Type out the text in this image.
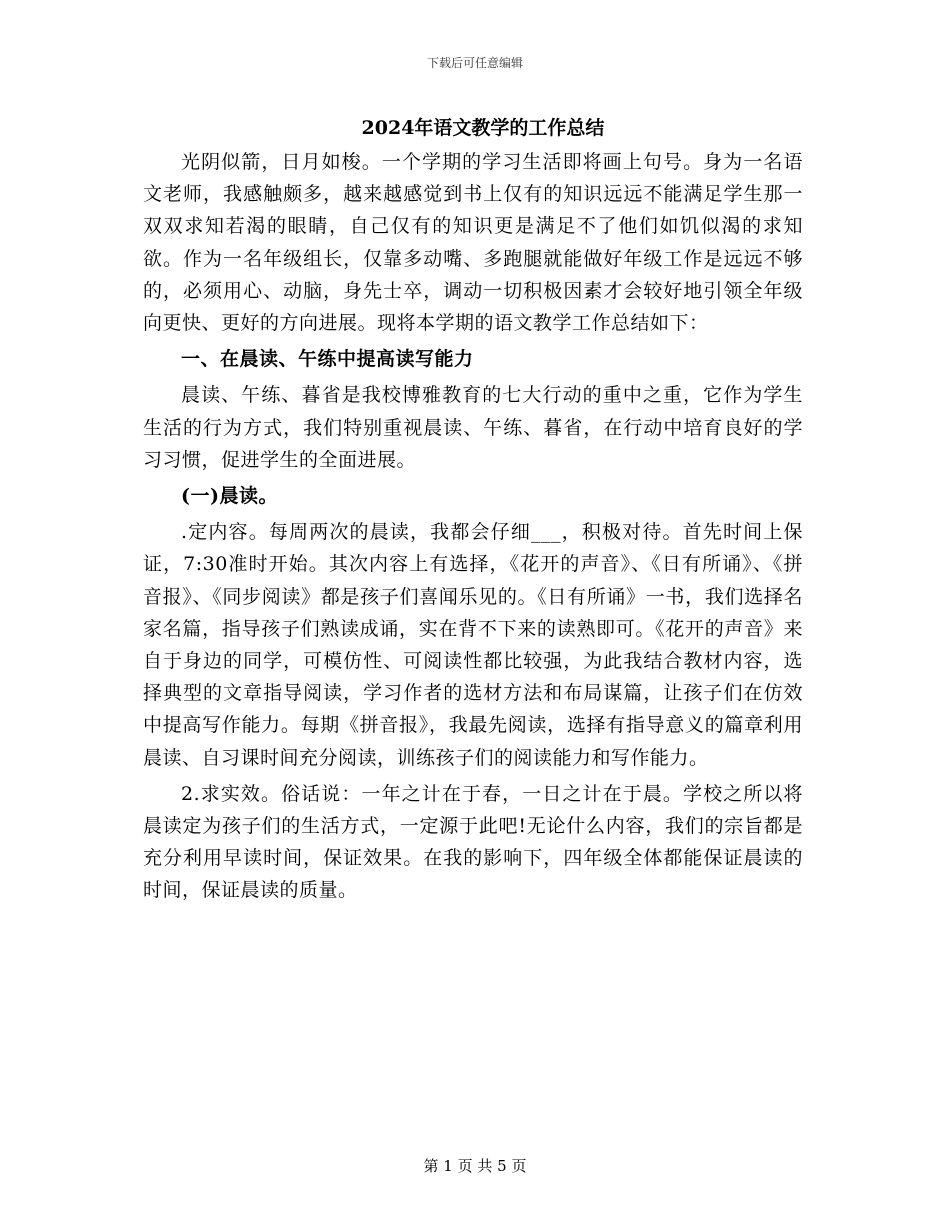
下载后可任意编辑
2024年语文教学的工作总结

光阴似箭，日月如梭。一个学期的学习生活即将画上句号。身为一名语文老师，我感触颇多，越来越感觉到书上仅有的知识远远不能满足学生那一双双求知若渴的眼睛，自己仅有的知识更是满足不了他们如饥似渴的求知欲。作为一名年级组长，仅靠多动嘴、多跑腿就能做好年级工作是远远不够的，必须用心、动脑，身先士卒，调动一切积极因素才会较好地引领全年级向更快、更好的方向进展。现将本学期的语文教学工作总结如下：

一、在晨读、午练中提高读写能力

晨读、午练、暮省是我校博雅教育的七大行动的重中之重，它作为学生生活的行为方式，我们特别重视晨读、午练、暮省，在行动中培育良好的学习习惯，促进学生的全面进展。

(一)晨读。

.定内容。每周两次的晨读，我都会仔细___，积极对待。首先时间上保证，7:30准时开始。其次内容上有选择，《花开的声音》、《日有所诵》、《拼音报》、《同步阅读》都是孩子们喜闻乐见的。《日有所诵》一书，我们选择名家名篇，指导孩子们熟读成诵，实在背不下来的读熟即可。《花开的声音》来自于身边的同学，可模仿性、可阅读性都比较强，为此我结合教材内容，选择典型的文章指导阅读，学习作者的选材方法和布局谋篇，让孩子们在仿效中提高写作能力。每期《拼音报》，我最先阅读，选择有指导意义的篇章利用晨读、自习课时间充分阅读，训练孩子们的阅读能力和写作能力。

2.求实效。俗话说：一年之计在于春，一日之计在于晨。学校之所以将晨读定为孩子们的生活方式，一定源于此吧!无论什么内容，我们的宗旨都是充分利用早读时间，保证效果。在我的影响下，四年级全体都能保证晨读的时间，保证晨读的质量。

第 1 页 共 5 页
